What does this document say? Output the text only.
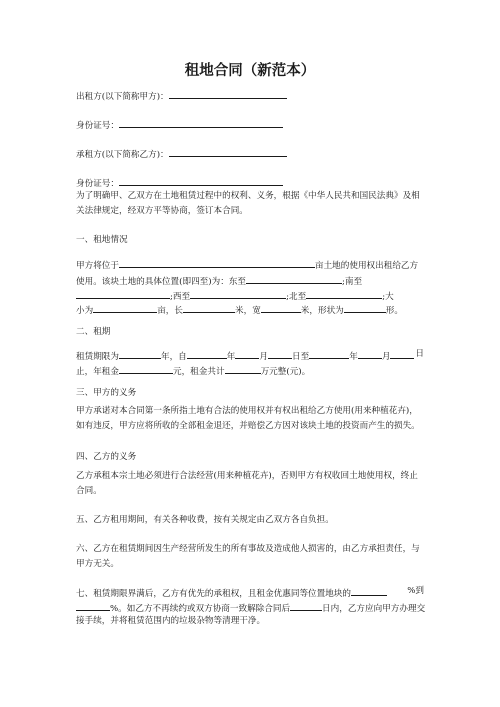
租地合同（新范本）
出租方(以下简称甲方)：
身份证号：
承租方(以下简称乙方)：
身份证号：
为了明确甲、乙双方在土地租赁过程中的权利、义务，根据《中华人民共和国民法典》及相关法律规定，经双方平等协商，签订本合同。
一、租地情况
甲方将位于	亩土地的使用权出租给乙方
使用。该块土地的具体位置(即四至)为：东至	;南至
;西至	;北至	;大
小为	亩，长	米，宽	米，形状为	形。
二、租期
租赁期限为	年，自	年	月	日至	年	月	日
止，年租金	元，租金共计	万元整(元)。
三、甲方的义务
甲方承诺对本合同第一条所指土地有合法的使用权并有权出租给乙方使用(用来种植花卉)，如有违反，甲方应将所收的全部租金退还，并赔偿乙方因对该块土地的投资而产生的损失。
四、乙方的义务
乙方承租本宗土地必须进行合法经营(用来种植花卉)，否则甲方有权收回土地使用权，终止合同。
五、乙方租用期间，有关各种收费，按有关规定由乙双方各自负担。
六、乙方在租赁期间因生产经营所发生的所有事故及造成他人损害的，由乙方承担责任，与甲方无关。
七、租赁期限界满后，乙方有优先的承租权，且租金优惠同等位置地块的	%到
%。如乙方不再续约或双方协商一致解除合同后	日内，乙方应向甲方办理交
接手续，并将租赁范围内的垃圾杂物等清理干净。
